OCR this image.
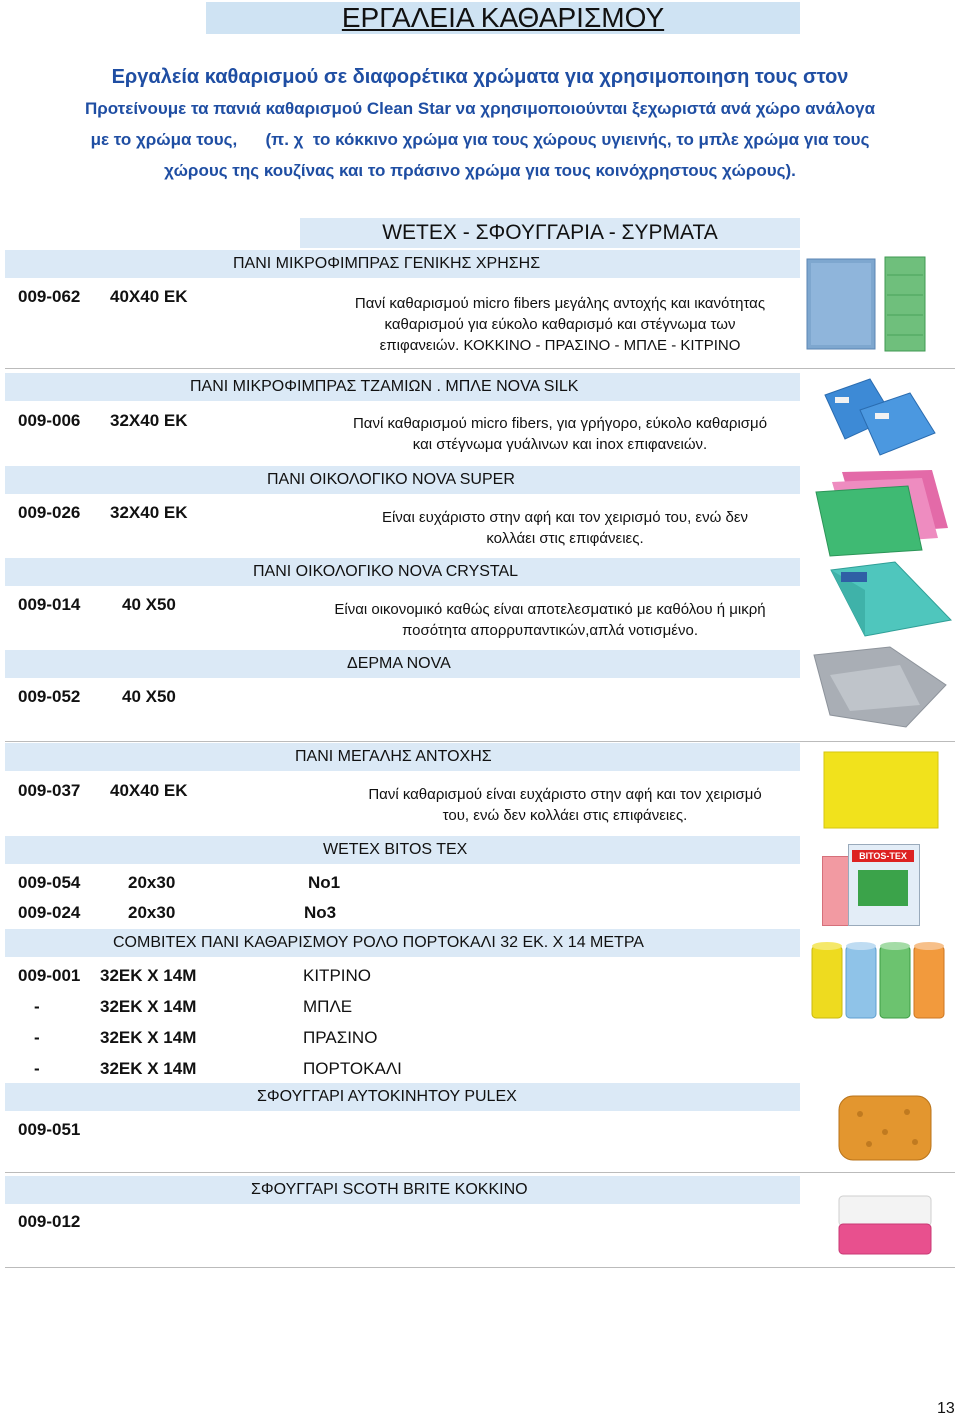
ΕΡΓΑΛΕΙΑ ΚΑΘΑΡΙΣΜΟΥ
Εργαλεία καθαρισμού σε διαφορέτικα χρώματα για χρησιμοποιηση τους στον
Προτείνουμε τα πανιά καθαρισμού Clean Star να χρησιμοποιούνται ξεχωριστά ανά χώρο ανάλογα
με το χρώμα τους,      (π. χ  το κόκκινο χρώμα για τους χώρους υγιεινής, το μπλε χρώμα για τους
χώρους της κουζίνας και το πράσινο χρώμα για τους κοινόχρηστους χώρους).
WETEX - ΣΦΟΥΓΓΑΡΙΑ - ΣΥΡΜΑΤΑ
ΠΑΝΙ ΜΙΚΡΟΦΙΜΠΡΑΣ ΓΕΝΙΚΗΣ ΧΡΗΣΗΣ
009-062 40Χ40 ΕΚ	Πανί καθαρισμού micro fibers μεγάλης αντοχής και ικανότητας
καθαρισμού για εύκολο καθαρισμό και στέγνωμα των
επιφανειών. ΚΟΚΚΙΝΟ - ΠΡΑΣΙΝΟ - ΜΠΛΕ - ΚΙΤΡΙΝΟ
ΠΑΝΙ ΜΙΚΡΟΦΙΜΠΡΑΣ ΤΖΑΜΙΩΝ . ΜΠΛΕ NOVA SILK
009-006 32Χ40 ΕΚ	Πανί καθαρισμού micro fibers, για γρήγορο, εύκολο καθαρισμό
και στέγνωμα γυάλινων και inox επιφανειών.
ΠΑΝΙ ΟΙΚΟΛΟΓΙΚΟ NOVA SUPER
009-026 32Χ40 ΕΚ	Είναι ευχάριστο στην αφή και τον χειρισμό του, ενώ δεν
κολλάει στις επιφάνειες.
ΠΑΝΙ ΟΙΚΟΛΟΓΙΚΟ NOVA CRYSTAL
009-014 40 Χ50	Είναι οικονομικό καθώς είναι αποτελεσματικό με καθόλου ή μικρή
ποσότητα απορρυπαντικών,απλά νοτισμένο.
ΔΕΡΜΑ NOVA
009-052 40 Χ50
ΠΑΝΙ ΜΕΓΑΛΗΣ ΑΝΤΟΧΗΣ
009-037 40Χ40 ΕΚ	Πανί καθαρισμού είναι ευχάριστο στην αφή και τον χειρισμό
του, ενώ δεν κολλάει στις επιφάνειες.
WETEX BITOS TEX
009-054	20x30	No1
009-024	20x30	No3
BITOS-TEX
COMBITEX ΠΑΝΙ ΚΑΘΑΡΙΣΜΟΥ ΡΟΛΟ ΠΟΡΤΟΚΑΛΙ 32 ΕΚ. Χ 14 ΜΕΤΡΑ
009-001 32ΕΚ Χ 14Μ	ΚΙΤΡΙΝΟ
-	32ΕΚ Χ 14Μ	ΜΠΛΕ
-	32ΕΚ Χ 14Μ	ΠΡΑΣΙΝΟ
-	32ΕΚ Χ 14Μ	ΠΟΡΤΟΚΑΛΙ
ΣΦΟΥΓΓΑΡΙ ΑΥΤΟΚΙΝΗΤΟΥ PULEX
009-051
ΣΦΟΥΓΓΑΡΙ SCOTH BRITE KOKKINO
009-012
13
